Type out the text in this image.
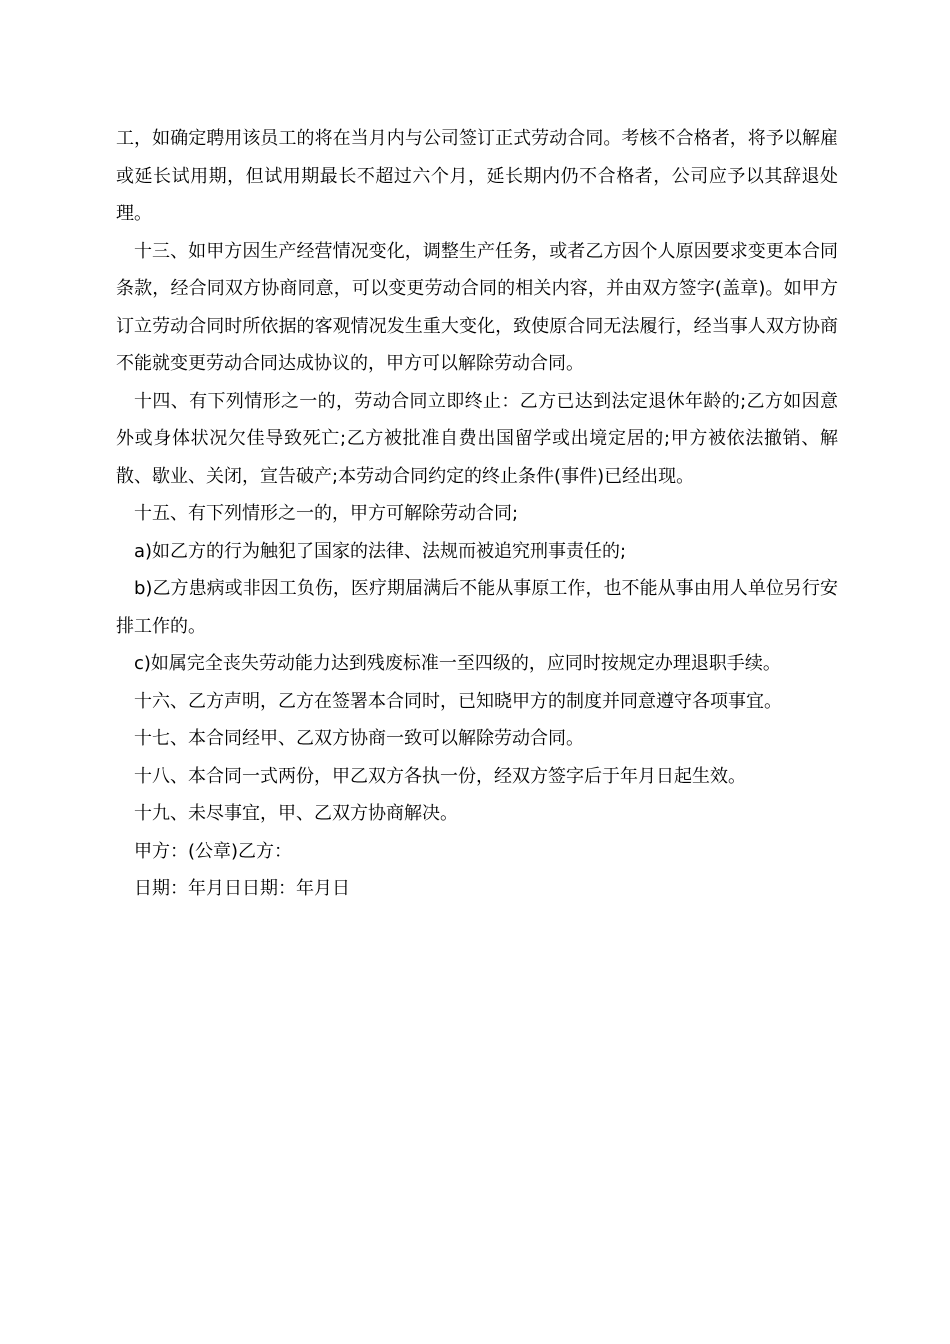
工，如确定聘用该员工的将在当月内与公司签订正式劳动合同。考核不合格者，将予以解雇或延长试用期，但试用期最长不超过六个月，延长期内仍不合格者，公司应予以其辞退处理。

十三、如甲方因生产经营情况变化，调整生产任务，或者乙方因个人原因要求变更本合同条款，经合同双方协商同意，可以变更劳动合同的相关内容，并由双方签字(盖章)。如甲方订立劳动合同时所依据的客观情况发生重大变化，致使原合同无法履行，经当事人双方协商不能就变更劳动合同达成协议的，甲方可以解除劳动合同。

十四、有下列情形之一的，劳动合同立即终止：乙方已达到法定退休年龄的;乙方如因意外或身体状况欠佳导致死亡;乙方被批准自费出国留学或出境定居的;甲方被依法撤销、解散、歇业、关闭，宣告破产;本劳动合同约定的终止条件(事件)已经出现。

十五、有下列情形之一的，甲方可解除劳动合同;

a)如乙方的行为触犯了国家的法律、法规而被追究刑事责任的;

b)乙方患病或非因工负伤，医疗期届满后不能从事原工作，也不能从事由用人单位另行安排工作的。

c)如属完全丧失劳动能力达到残废标准一至四级的，应同时按规定办理退职手续。

十六、乙方声明，乙方在签署本合同时，已知晓甲方的制度并同意遵守各项事宜。

十七、本合同经甲、乙双方协商一致可以解除劳动合同。

十八、本合同一式两份，甲乙双方各执一份，经双方签字后于年月日起生效。

十九、未尽事宜，甲、乙双方协商解决。

甲方：(公章)乙方：

日期：年月日日期：年月日
